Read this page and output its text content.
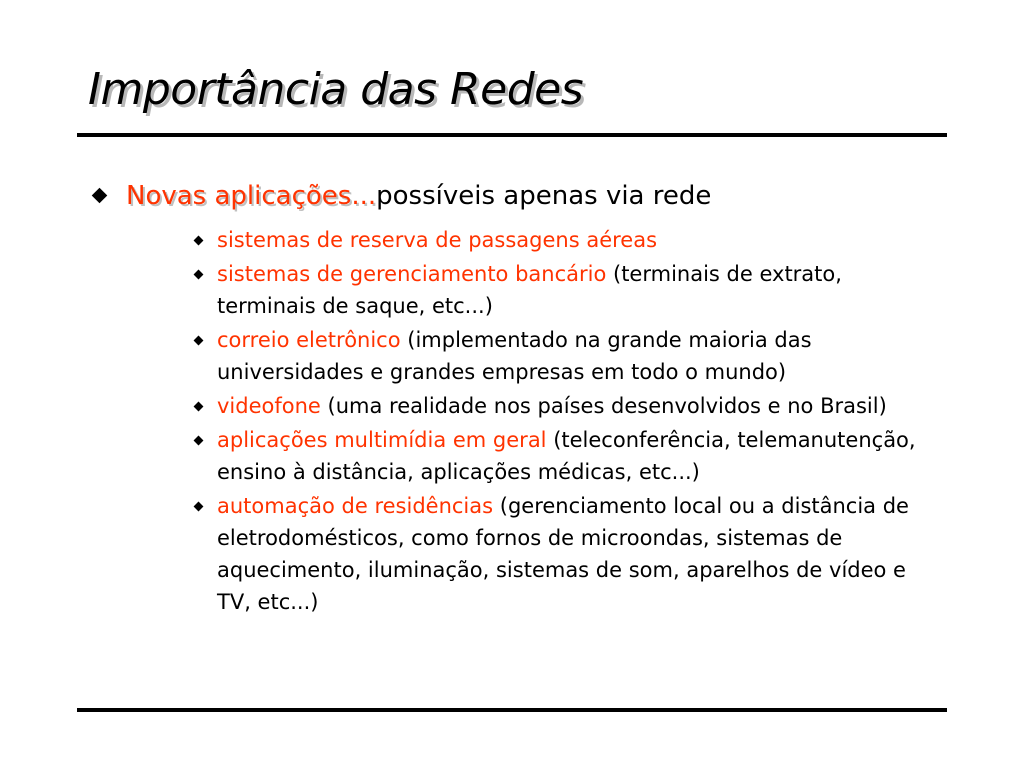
Importância das Redes
Novas aplicações...possíveis apenas via rede
sistemas de reserva de passagens aéreas
sistemas de gerenciamento bancário (terminais de extrato, terminais de saque, etc...)
correio eletrônico (implementado na grande maioria das universidades e grandes empresas em todo o mundo)
videofone (uma realidade nos países desenvolvidos e no Brasil)
aplicações multimídia em geral (teleconferência, telemanutenção, ensino à distância, aplicações médicas, etc...)
automação de residências (gerenciamento local ou a distância de eletrodomésticos, como fornos de microondas, sistemas de aquecimento, iluminação, sistemas de som, aparelhos de vídeo e TV, etc...)
